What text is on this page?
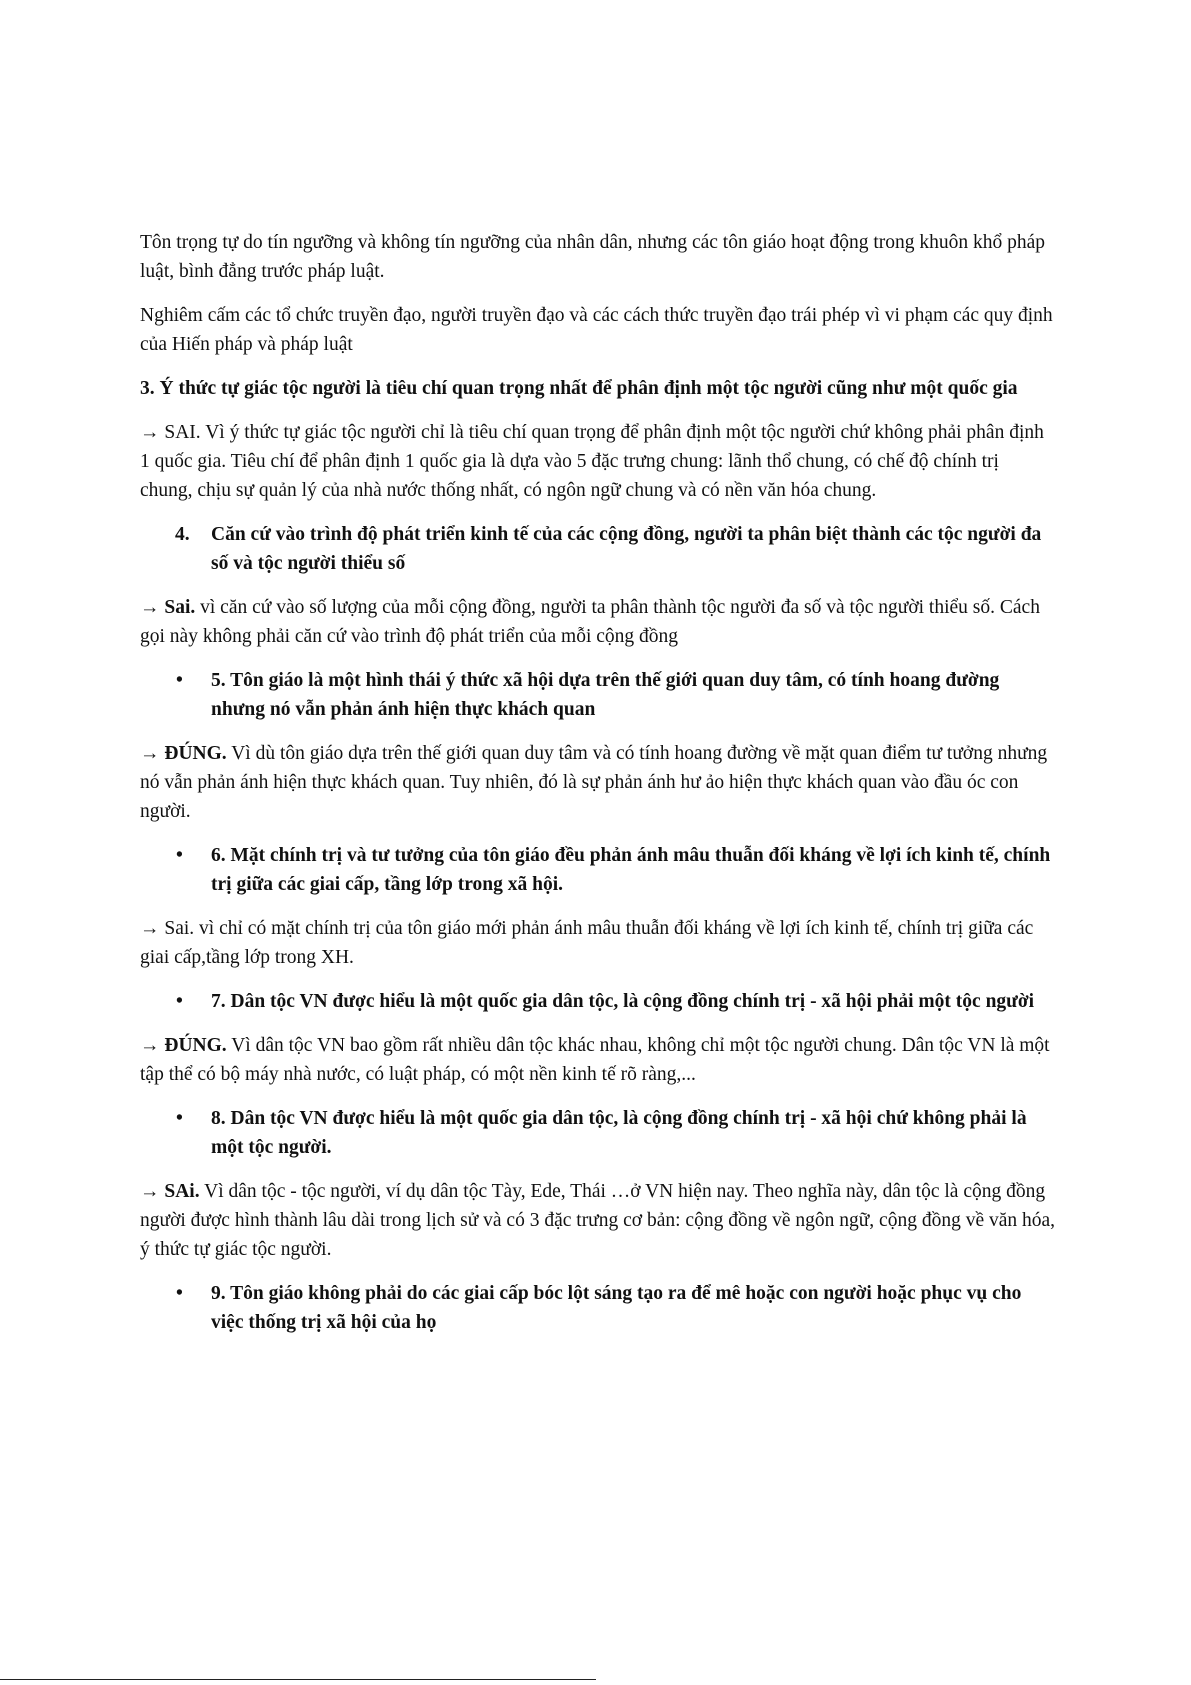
Tôn trọng tự do tín ngưỡng và không tín ngưỡng của nhân dân, nhưng các tôn giáo hoạt động trong khuôn khổ pháp luật, bình đẳng trước pháp luật.

Nghiêm cấm các tổ chức truyền đạo, người truyền đạo và các cách thức truyền đạo trái phép vì vi phạm các quy định của Hiến pháp và pháp luật

3. Ý thức tự giác tộc người là tiêu chí quan trọng nhất để phân định một tộc người cũng như một quốc gia

→ SAI. Vì ý thức tự giác tộc người chỉ là tiêu chí quan trọng để phân định một tộc người chứ không phải phân định 1 quốc gia. Tiêu chí để phân định 1 quốc gia là dựa vào 5 đặc trưng chung: lãnh thổ chung, có chế độ chính trị chung, chịu sự quản lý của nhà nước thống nhất, có ngôn ngữ chung và có nền văn hóa chung.

4. Căn cứ vào trình độ phát triển kinh tế của các cộng đồng, người ta phân biệt thành các tộc người đa số và tộc người thiểu số

→ Sai. vì căn cứ vào số lượng của mỗi cộng đồng, người ta phân thành tộc người đa số và tộc người thiểu số. Cách gọi này không phải căn cứ vào trình độ phát triển của mỗi cộng đồng

• 5. Tôn giáo là một hình thái ý thức xã hội dựa trên thế giới quan duy tâm, có tính hoang đường nhưng nó vẫn phản ánh hiện thực khách quan

→ ĐÚNG. Vì dù tôn giáo dựa trên thế giới quan duy tâm và có tính hoang đường về mặt quan điểm tư tưởng nhưng nó vẫn phản ánh hiện thực khách quan. Tuy nhiên, đó là sự phản ánh hư ảo hiện thực khách quan vào đầu óc con người.

• 6. Mặt chính trị và tư tưởng của tôn giáo đều phản ánh mâu thuẫn đối kháng về lợi ích kinh tế, chính trị giữa các giai cấp, tầng lớp trong xã hội.

→ Sai. vì chỉ có mặt chính trị của tôn giáo mới phản ánh mâu thuẫn đối kháng về lợi ích kinh tế, chính trị giữa các giai cấp,tầng lớp trong XH.

• 7. Dân tộc VN được hiểu là một quốc gia dân tộc, là cộng đồng chính trị - xã hội phải một tộc người

→ ĐÚNG. Vì dân tộc VN bao gồm rất nhiều dân tộc khác nhau, không chỉ một tộc người chung. Dân tộc VN là một tập thể có bộ máy nhà nước, có luật pháp, có một nền kinh tế rõ ràng,...

• 8. Dân tộc VN được hiểu là một quốc gia dân tộc, là cộng đồng chính trị - xã hội chứ không phải là một tộc người.

→ SAi. Vì dân tộc - tộc người, ví dụ dân tộc Tày, Ede, Thái …ở VN hiện nay. Theo nghĩa này, dân tộc là cộng đồng người được hình thành lâu dài trong lịch sử và có 3 đặc trưng cơ bản: cộng đồng về ngôn ngữ, cộng đồng về văn hóa, ý thức tự giác tộc người.

• 9. Tôn giáo không phải do các giai cấp bóc lột sáng tạo ra để mê hoặc con người hoặc phục vụ cho việc thống trị xã hội của họ
